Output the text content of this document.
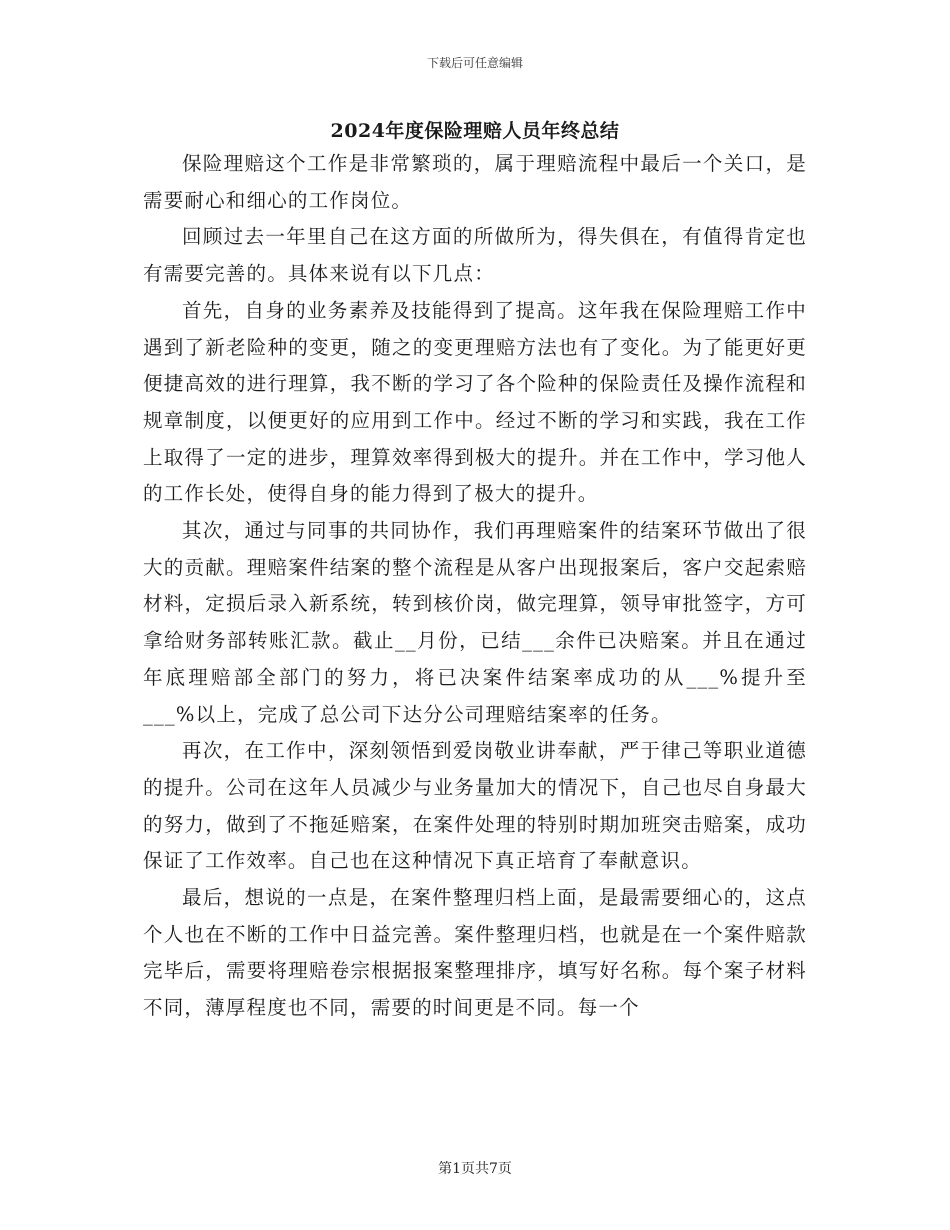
下载后可任意编辑
2024年度保险理赔人员年终总结

保险理赔这个工作是非常繁琐的，属于理赔流程中最后一个关口，是需要耐心和细心的工作岗位。

回顾过去一年里自己在这方面的所做所为，得失俱在，有值得肯定也有需要完善的。具体来说有以下几点：

首先，自身的业务素养及技能得到了提高。这年我在保险理赔工作中遇到了新老险种的变更，随之的变更理赔方法也有了变化。为了能更好更便捷高效的进行理算，我不断的学习了各个险种的保险责任及操作流程和规章制度，以便更好的应用到工作中。经过不断的学习和实践，我在工作上取得了一定的进步，理算效率得到极大的提升。并在工作中，学习他人的工作长处，使得自身的能力得到了极大的提升。

其次，通过与同事的共同协作，我们再理赔案件的结案环节做出了很大的贡献。理赔案件结案的整个流程是从客户出现报案后，客户交起索赔材料，定损后录入新系统，转到核价岗，做完理算，领导审批签字，方可拿给财务部转账汇款。截止__月份，已结___余件已决赔案。并且在通过年底理赔部全部门的努力，将已决案件结案率成功的从___%提升至___%以上，完成了总公司下达分公司理赔结案率的任务。

再次，在工作中，深刻领悟到爱岗敬业讲奉献，严于律己等职业道德的提升。公司在这年人员减少与业务量加大的情况下，自己也尽自身最大的努力，做到了不拖延赔案，在案件处理的特别时期加班突击赔案，成功保证了工作效率。自己也在这种情况下真正培育了奉献意识。

最后，想说的一点是，在案件整理归档上面，是最需要细心的，这点个人也在不断的工作中日益完善。案件整理归档，也就是在一个案件赔款完毕后，需要将理赔卷宗根据报案整理排序，填写好名称。每个案子材料不同，薄厚程度也不同，需要的时间更是不同。每一个

第1页共7页
